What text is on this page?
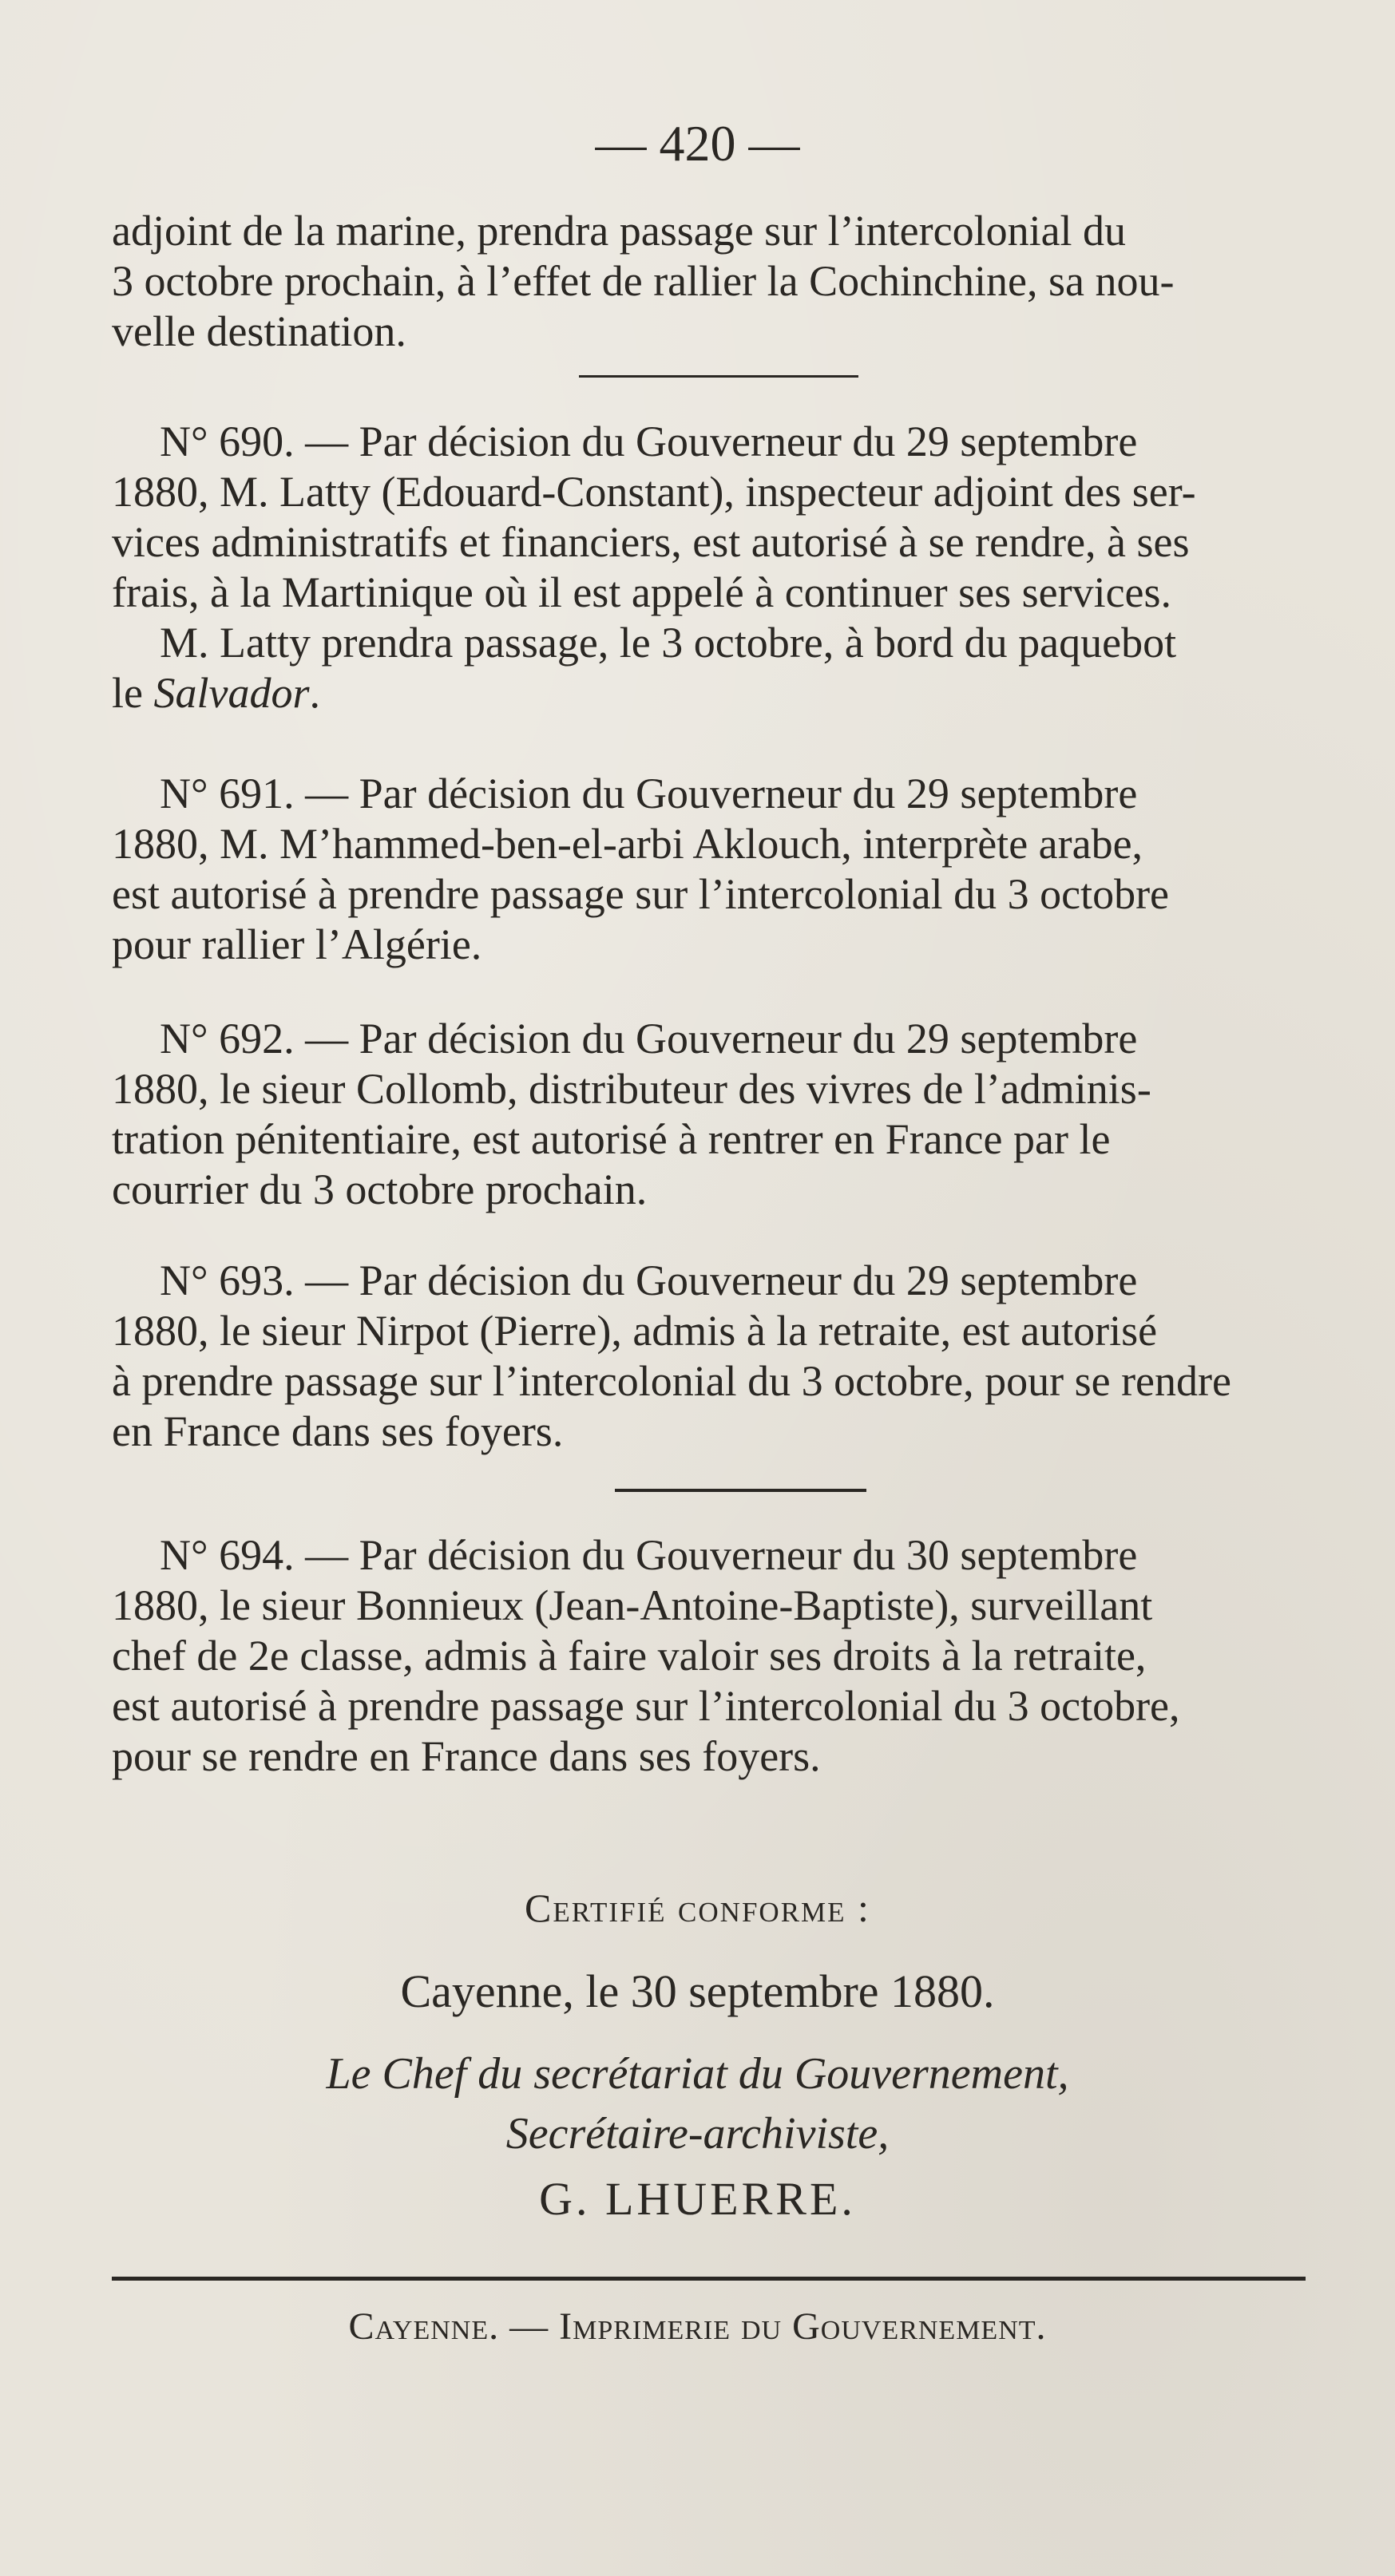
— 420 —

adjoint de la marine, prendra passage sur l’intercolonial du

3 octobre prochain, à l’effet de rallier la Cochinchine, sa nou-

velle destination.

N° 690. — Par décision du Gouverneur du 29 septembre

1880, M. Latty (Edouard-Constant), inspecteur adjoint des ser-

vices administratifs et financiers, est autorisé à se rendre, à ses

frais, à la Martinique où il est appelé à continuer ses services.

M. Latty prendra passage, le 3 octobre, à bord du paquebot

le Salvador.

N° 691. — Par décision du Gouverneur du 29 septembre

1880, M. M’hammed-ben-el-arbi Aklouch, interprète arabe,

est autorisé à prendre passage sur l’intercolonial du 3 octobre

pour rallier l’Algérie.

N° 692. — Par décision du Gouverneur du 29 septembre

1880, le sieur Collomb, distributeur des vivres de l’adminis-

tration pénitentiaire, est autorisé à rentrer en France par le

courrier du 3 octobre prochain.

N° 693. — Par décision du Gouverneur du 29 septembre

1880, le sieur Nirpot (Pierre), admis à la retraite, est autorisé

à prendre passage sur l’intercolonial du 3 octobre, pour se rendre

en France dans ses foyers.

N° 694. — Par décision du Gouverneur du 30 septembre

1880, le sieur Bonnieux (Jean-Antoine-Baptiste), surveillant

chef de 2e classe, admis à faire valoir ses droits à la retraite,

est autorisé à prendre passage sur l’intercolonial du 3 octobre,

pour se rendre en France dans ses foyers.

Certifié conforme :
Cayenne, le 30 septembre 1880.
Le Chef du secrétariat du Gouvernement,
Secrétaire-archiviste,
G. LHUERRE.
Cayenne. — Imprimerie du Gouvernement.
